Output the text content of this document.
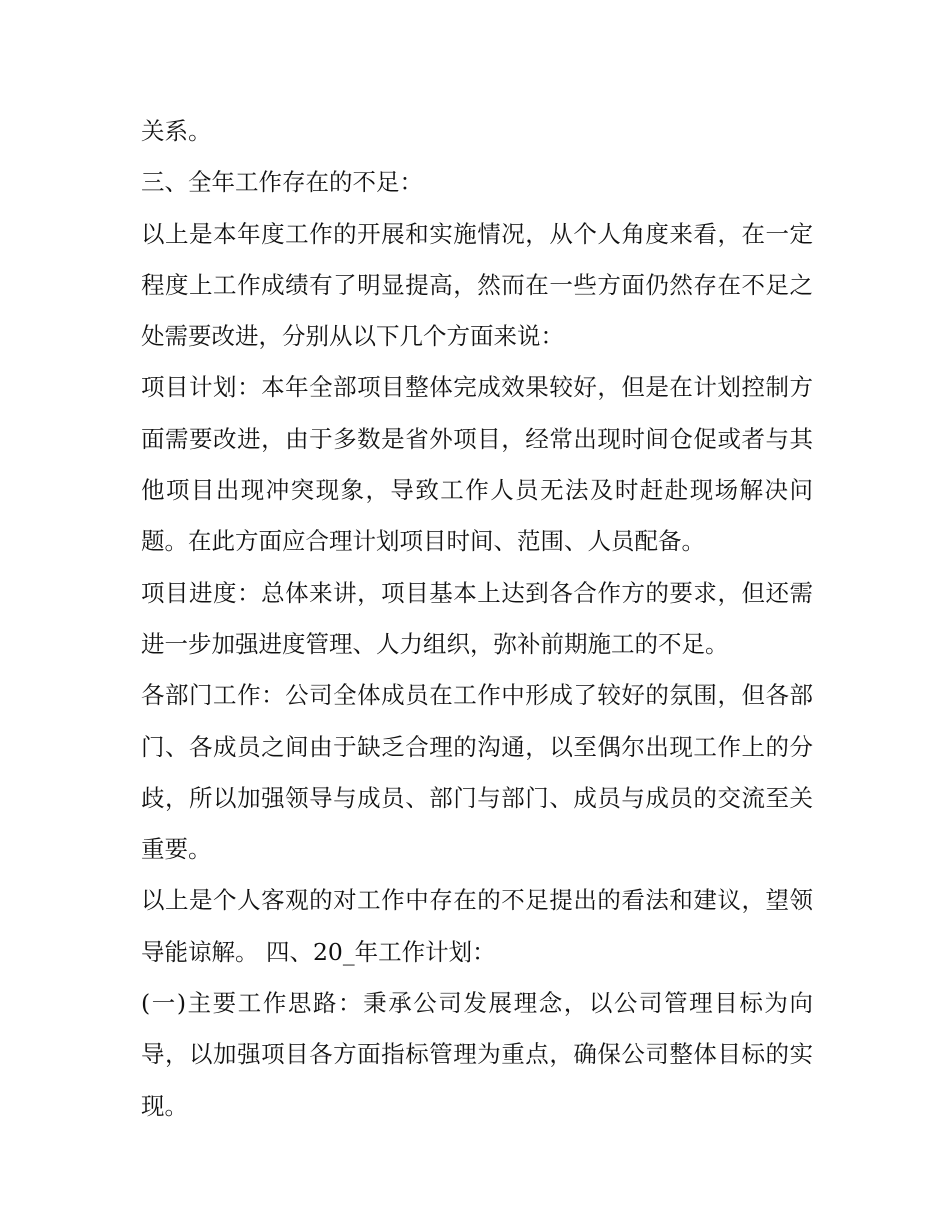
关系。

三、全年工作存在的不足：

以上是本年度工作的开展和实施情况，从个人角度来看，在一定程度上工作成绩有了明显提高，然而在一些方面仍然存在不足之处需要改进，分别从以下几个方面来说：

项目计划：本年全部项目整体完成效果较好，但是在计划控制方面需要改进，由于多数是省外项目，经常出现时间仓促或者与其他项目出现冲突现象，导致工作人员无法及时赶赴现场解决问题。在此方面应合理计划项目时间、范围、人员配备。

项目进度：总体来讲，项目基本上达到各合作方的要求，但还需进一步加强进度管理、人力组织，弥补前期施工的不足。

各部门工作：公司全体成员在工作中形成了较好的氛围，但各部门、各成员之间由于缺乏合理的沟通，以至偶尔出现工作上的分歧，所以加强领导与成员、部门与部门、成员与成员的交流至关重要。

以上是个人客观的对工作中存在的不足提出的看法和建议，望领导能谅解。 四、20_年工作计划：

(一)主要工作思路：秉承公司发展理念，以公司管理目标为向导，以加强项目各方面指标管理为重点，确保公司整体目标的实现。
